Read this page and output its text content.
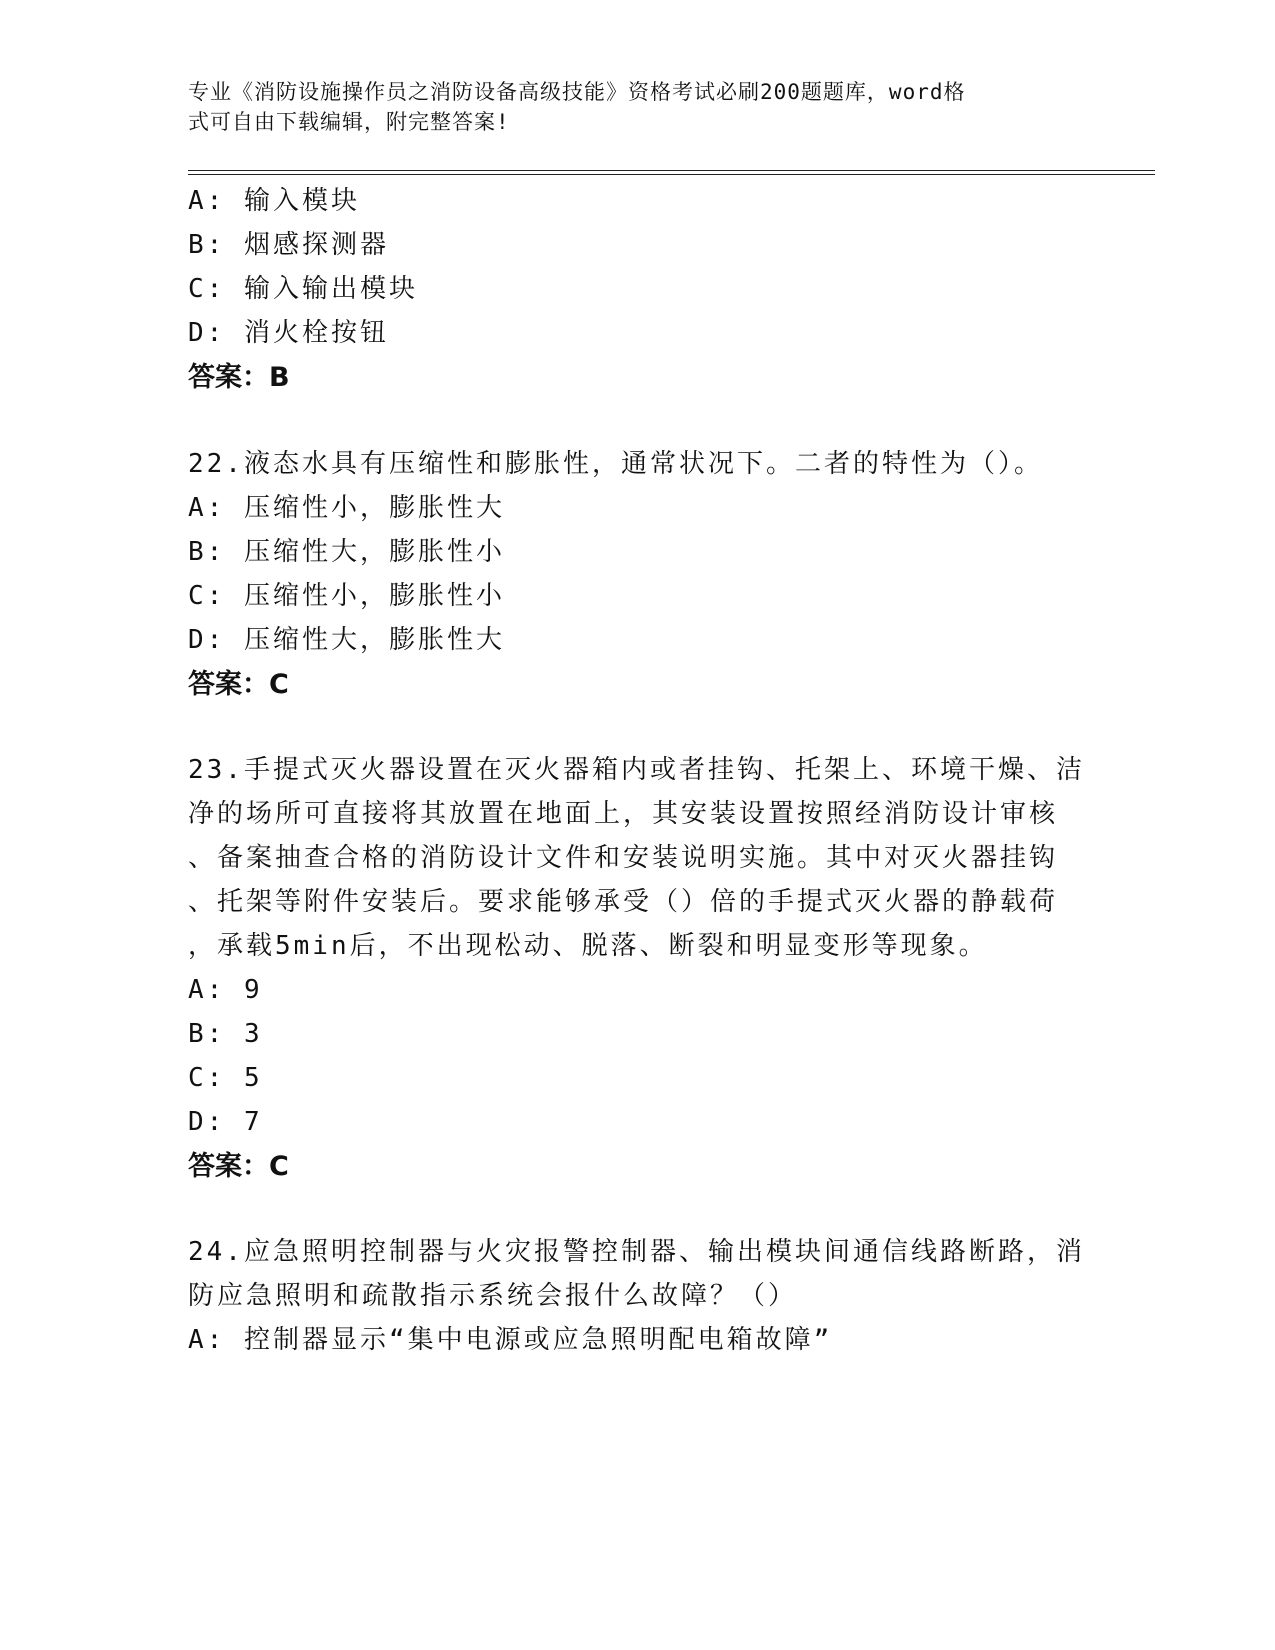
专业《消防设施操作员之消防设备高级技能》资格考试必刷200题题库，word格
式可自由下载编辑，附完整答案!
A: 输入模块
B: 烟感探测器
C: 输入输出模块
D: 消火栓按钮
答案：B
22.液态水具有压缩性和膨胀性，通常状况下。二者的特性为（）。
A: 压缩性小，膨胀性大
B: 压缩性大，膨胀性小
C: 压缩性小，膨胀性小
D: 压缩性大，膨胀性大
答案：C
23.手提式灭火器设置在灭火器箱内或者挂钩、托架上、环境干燥、洁
净的场所可直接将其放置在地面上，其安装设置按照经消防设计审核
、备案抽查合格的消防设计文件和安装说明实施。其中对灭火器挂钩
、托架等附件安装后。要求能够承受（）倍的手提式灭火器的静载荷
，承载5min后，不出现松动、脱落、断裂和明显变形等现象。
A: 9
B: 3
C: 5
D: 7
答案：C
24.应急照明控制器与火灾报警控制器、输出模块间通信线路断路，消
防应急照明和疏散指示系统会报什么故障？（）
A: 控制器显示“集中电源或应急照明配电箱故障”
